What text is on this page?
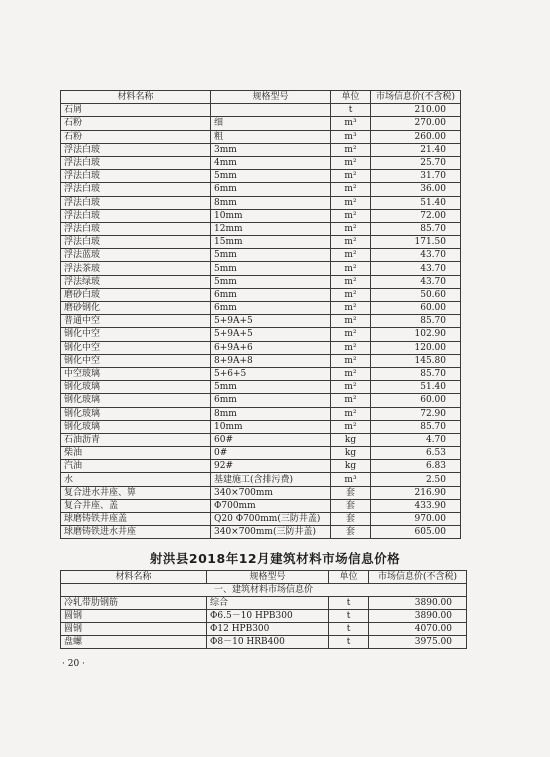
材料名称	规格型号	单位	市场信息价(不含税)
石屑		t	210.00
石粉	细	m³	270.00
石粉	粗	m³	260.00
浮法白玻	3mm	m²	21.40
浮法白玻	4mm	m²	25.70
浮法白玻	5mm	m²	31.70
浮法白玻	6mm	m²	36.00
浮法白玻	8mm	m²	51.40
浮法白玻	10mm	m²	72.00
浮法白玻	12mm	m²	85.70
浮法白玻	15mm	m²	171.50
浮法蓝玻	5mm	m²	43.70
浮法茶玻	5mm	m²	43.70
浮法绿玻	5mm	m²	43.70
磨砂白玻	6mm	m²	50.60
磨砂钢化	6mm	m²	60.00
普通中空	5+9A+5	m²	85.70
钢化中空	5+9A+5	m²	102.90
钢化中空	6+9A+6	m²	120.00
钢化中空	8+9A+8	m²	145.80
中空玻璃	5+6+5	m²	85.70
钢化玻璃	5mm	m²	51.40
钢化玻璃	6mm	m²	60.00
钢化玻璃	8mm	m²	72.90
钢化玻璃	10mm	m²	85.70
石油沥青	60#	kg	4.70
柴油	0#	kg	6.53
汽油	92#	kg	6.83
水	基建施工(含排污费)	m³	2.50
复合进水井座、箅	340×700mm	套	216.90
复合井座、盖	Φ700mm	套	433.90
球磨铸铁井座盖	Q20 Φ700mm(三防井盖)	套	970.00
球磨铸铁进水井座	340×700mm(三防井盖)	套	605.00
射洪县2018年12月建筑材料市场信息价格
材料名称	规格型号	单位	市场信息价(不含税)
一、建筑材料市场信息价			
冷轧带肋钢筋	综合	t	3890.00
圆钢	Φ6.5－10 HPB300	t	3890.00
圆钢	Φ12 HPB300	t	4070.00
盘螺	Φ8－10 HRB400	t	3975.00
· 20 ·
